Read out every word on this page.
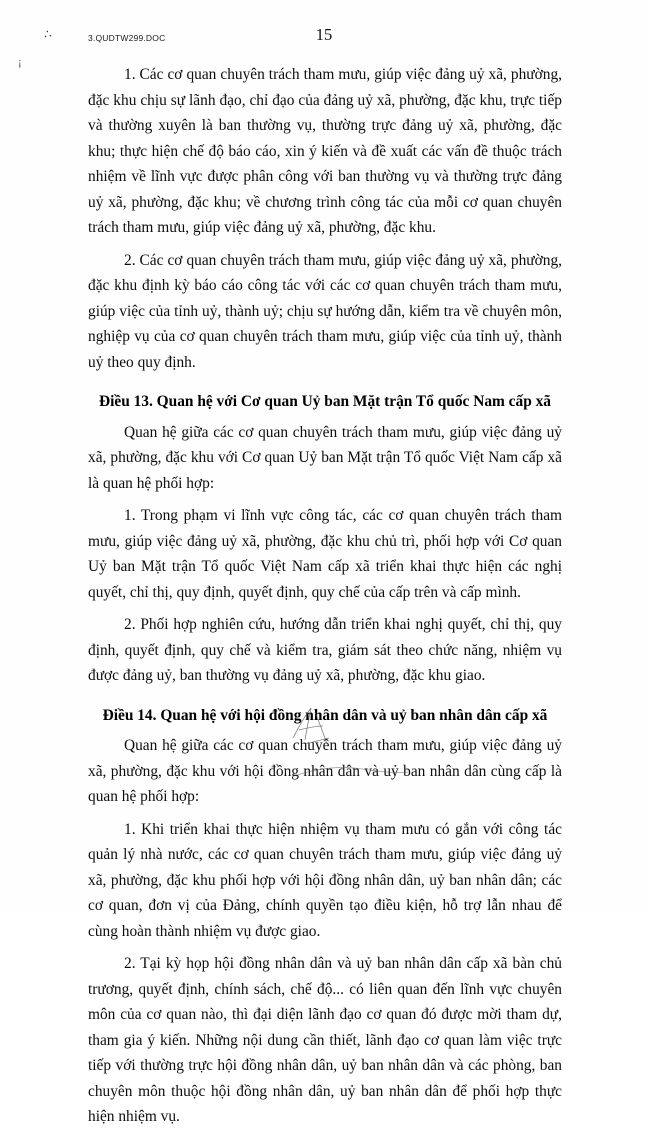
3.QUDTW299.DOC	15
∴
¡

1. Các cơ quan chuyên trách tham mưu, giúp việc đảng uỷ xã, phường, đặc khu chịu sự lãnh đạo, chỉ đạo của đảng uỷ xã, phường, đặc khu, trực tiếp và thường xuyên là ban thường vụ, thường trực đảng uỷ xã, phường, đặc khu; thực hiện chế độ báo cáo, xin ý kiến và đề xuất các vấn đề thuộc trách nhiệm về lĩnh vực được phân công với ban thường vụ và thường trực đảng uỷ xã, phường, đặc khu; về chương trình công tác của mỗi cơ quan chuyên trách tham mưu, giúp việc đảng uỷ xã, phường, đặc khu.

2. Các cơ quan chuyên trách tham mưu, giúp việc đảng uỷ xã, phường, đặc khu định kỳ báo cáo công tác với các cơ quan chuyên trách tham mưu, giúp việc của tỉnh uỷ, thành uỷ; chịu sự hướng dẫn, kiểm tra về chuyên môn, nghiệp vụ của cơ quan chuyên trách tham mưu, giúp việc của tỉnh uỷ, thành uỷ theo quy định.

Điều 13. Quan hệ với Cơ quan Uỷ ban Mặt trận Tổ quốc Nam cấp xã

Quan hệ giữa các cơ quan chuyên trách tham mưu, giúp việc đảng uỷ xã, phường, đặc khu với Cơ quan Uỷ ban Mặt trận Tổ quốc Việt Nam cấp xã là quan hệ phối hợp:

1. Trong phạm vi lĩnh vực công tác, các cơ quan chuyên trách tham mưu, giúp việc đảng uỷ xã, phường, đặc khu chủ trì, phối hợp với Cơ quan Uỷ ban Mặt trận Tổ quốc Việt Nam cấp xã triển khai thực hiện các nghị quyết, chỉ thị, quy định, quyết định, quy chế của cấp trên và cấp mình.

2. Phối hợp nghiên cứu, hướng dẫn triển khai nghị quyết, chỉ thị, quy định, quyết định, quy chế và kiểm tra, giám sát theo chức năng, nhiệm vụ được đảng uỷ, ban thường vụ đảng uỷ xã, phường, đặc khu giao.

Điều 14. Quan hệ với hội đồng nhân dân và uỷ ban nhân dân cấp xã

Quan hệ giữa các cơ quan chuyên trách tham mưu, giúp việc đảng uỷ xã, phường, đặc khu với hội đồng nhân dân và uỷ ban nhân dân cùng cấp là quan hệ phối hợp:

1. Khi triển khai thực hiện nhiệm vụ tham mưu có gắn với công tác quản lý nhà nước, các cơ quan chuyên trách tham mưu, giúp việc đảng uỷ xã, phường, đặc khu phối hợp với hội đồng nhân dân, uỷ ban nhân dân; các cơ quan, đơn vị của Đảng, chính quyền tạo điều kiện, hỗ trợ lẫn nhau để cùng hoàn thành nhiệm vụ được giao.

2. Tại kỳ họp hội đồng nhân dân và uỷ ban nhân dân cấp xã bàn chủ trương, quyết định, chính sách, chế độ... có liên quan đến lĩnh vực chuyên môn của cơ quan nào, thì đại diện lãnh đạo cơ quan đó được mời tham dự, tham gia ý kiến. Những nội dung cần thiết, lãnh đạo cơ quan làm việc trực tiếp với thường trực hội đồng nhân dân, uỷ ban nhân dân và các phòng, ban chuyên môn thuộc hội đồng nhân dân, uỷ ban nhân dân để phối hợp thực hiện nhiệm vụ.
